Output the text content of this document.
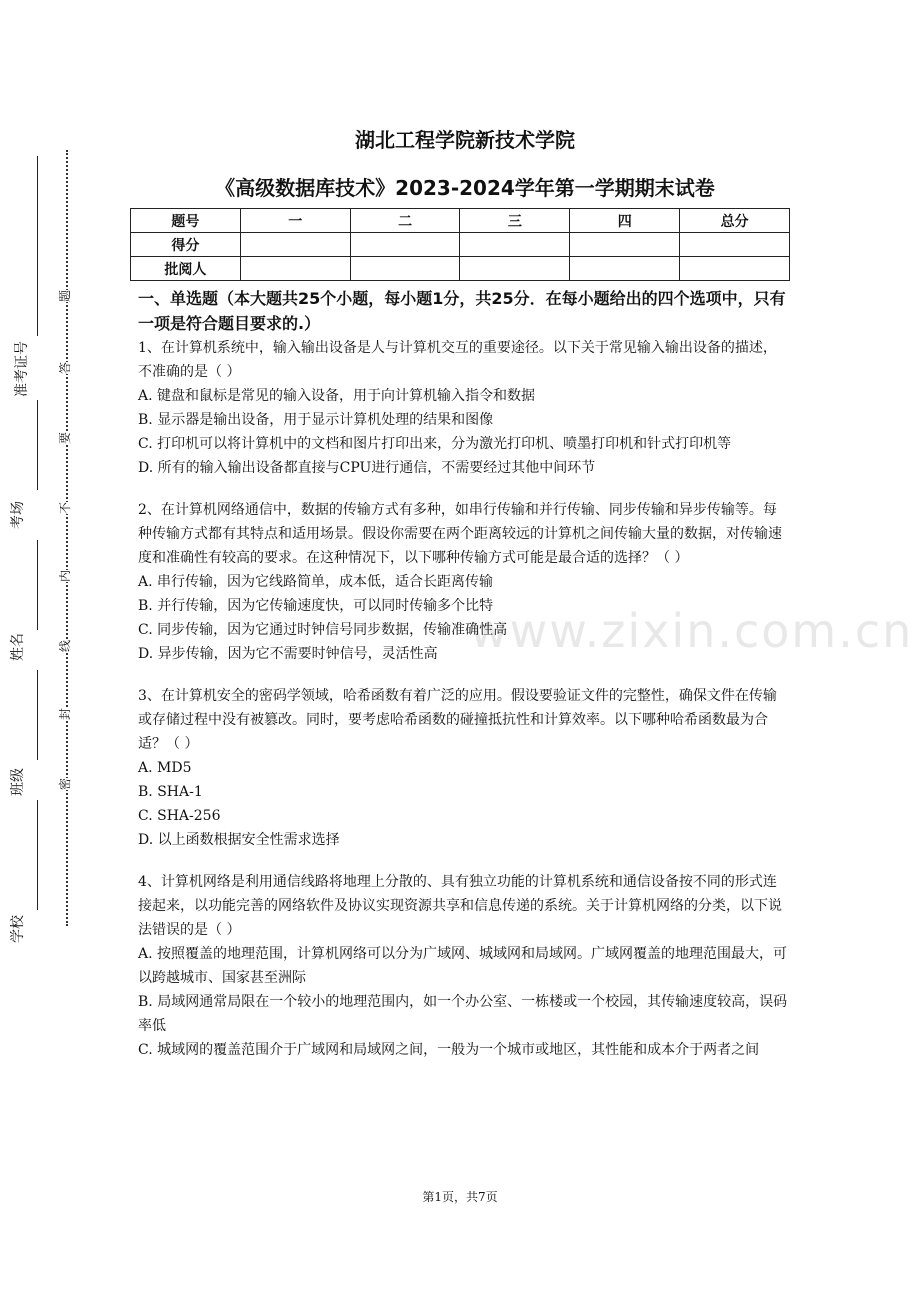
准考证号
考场
姓名
班级
学校
题
答
要
不
内
线
封
密
www.zixin.com.cn
湖北工程学院新技术学院
《高级数据库技术》2023-2024学年第一学期期末试卷
题号	一	二	三	四	总分
得分					
批阅人					
一、单选题（本大题共25个小题，每小题1分，共25分．在每小题给出的四个选项中，只有一项是符合题目要求的.）

1、在计算机系统中，输入输出设备是人与计算机交互的重要途径。以下关于常见输入输出设备的描述，不准确的是（ ）

A. 键盘和鼠标是常见的输入设备，用于向计算机输入指令和数据

B. 显示器是输出设备，用于显示计算机处理的结果和图像

C. 打印机可以将计算机中的文档和图片打印出来，分为激光打印机、喷墨打印机和针式打印机等

D. 所有的输入输出设备都直接与CPU进行通信，不需要经过其他中间环节

2、在计算机网络通信中，数据的传输方式有多种，如串行传输和并行传输、同步传输和异步传输等。每种传输方式都有其特点和适用场景。假设你需要在两个距离较远的计算机之间传输大量的数据，对传输速度和准确性有较高的要求。在这种情况下，以下哪种传输方式可能是最合适的选择？（ ）

A. 串行传输，因为它线路简单，成本低，适合长距离传输

B. 并行传输，因为它传输速度快，可以同时传输多个比特

C. 同步传输，因为它通过时钟信号同步数据，传输准确性高

D. 异步传输，因为它不需要时钟信号，灵活性高

3、在计算机安全的密码学领域，哈希函数有着广泛的应用。假设要验证文件的完整性，确保文件在传输或存储过程中没有被篡改。同时，要考虑哈希函数的碰撞抵抗性和计算效率。以下哪种哈希函数最为合适？（ ）

A. MD5

B. SHA-1

C. SHA-256

D. 以上函数根据安全性需求选择

4、计算机网络是利用通信线路将地理上分散的、具有独立功能的计算机系统和通信设备按不同的形式连接起来，以功能完善的网络软件及协议实现资源共享和信息传递的系统。关于计算机网络的分类，以下说法错误的是（ ）

A. 按照覆盖的地理范围，计算机网络可以分为广域网、城域网和局域网。广域网覆盖的地理范围最大，可以跨越城市、国家甚至洲际

B. 局域网通常局限在一个较小的地理范围内，如一个办公室、一栋楼或一个校园，其传输速度较高，误码率低

C. 城域网的覆盖范围介于广域网和局域网之间，一般为一个城市或地区，其性能和成本介于两者之间

第1页，共7页
